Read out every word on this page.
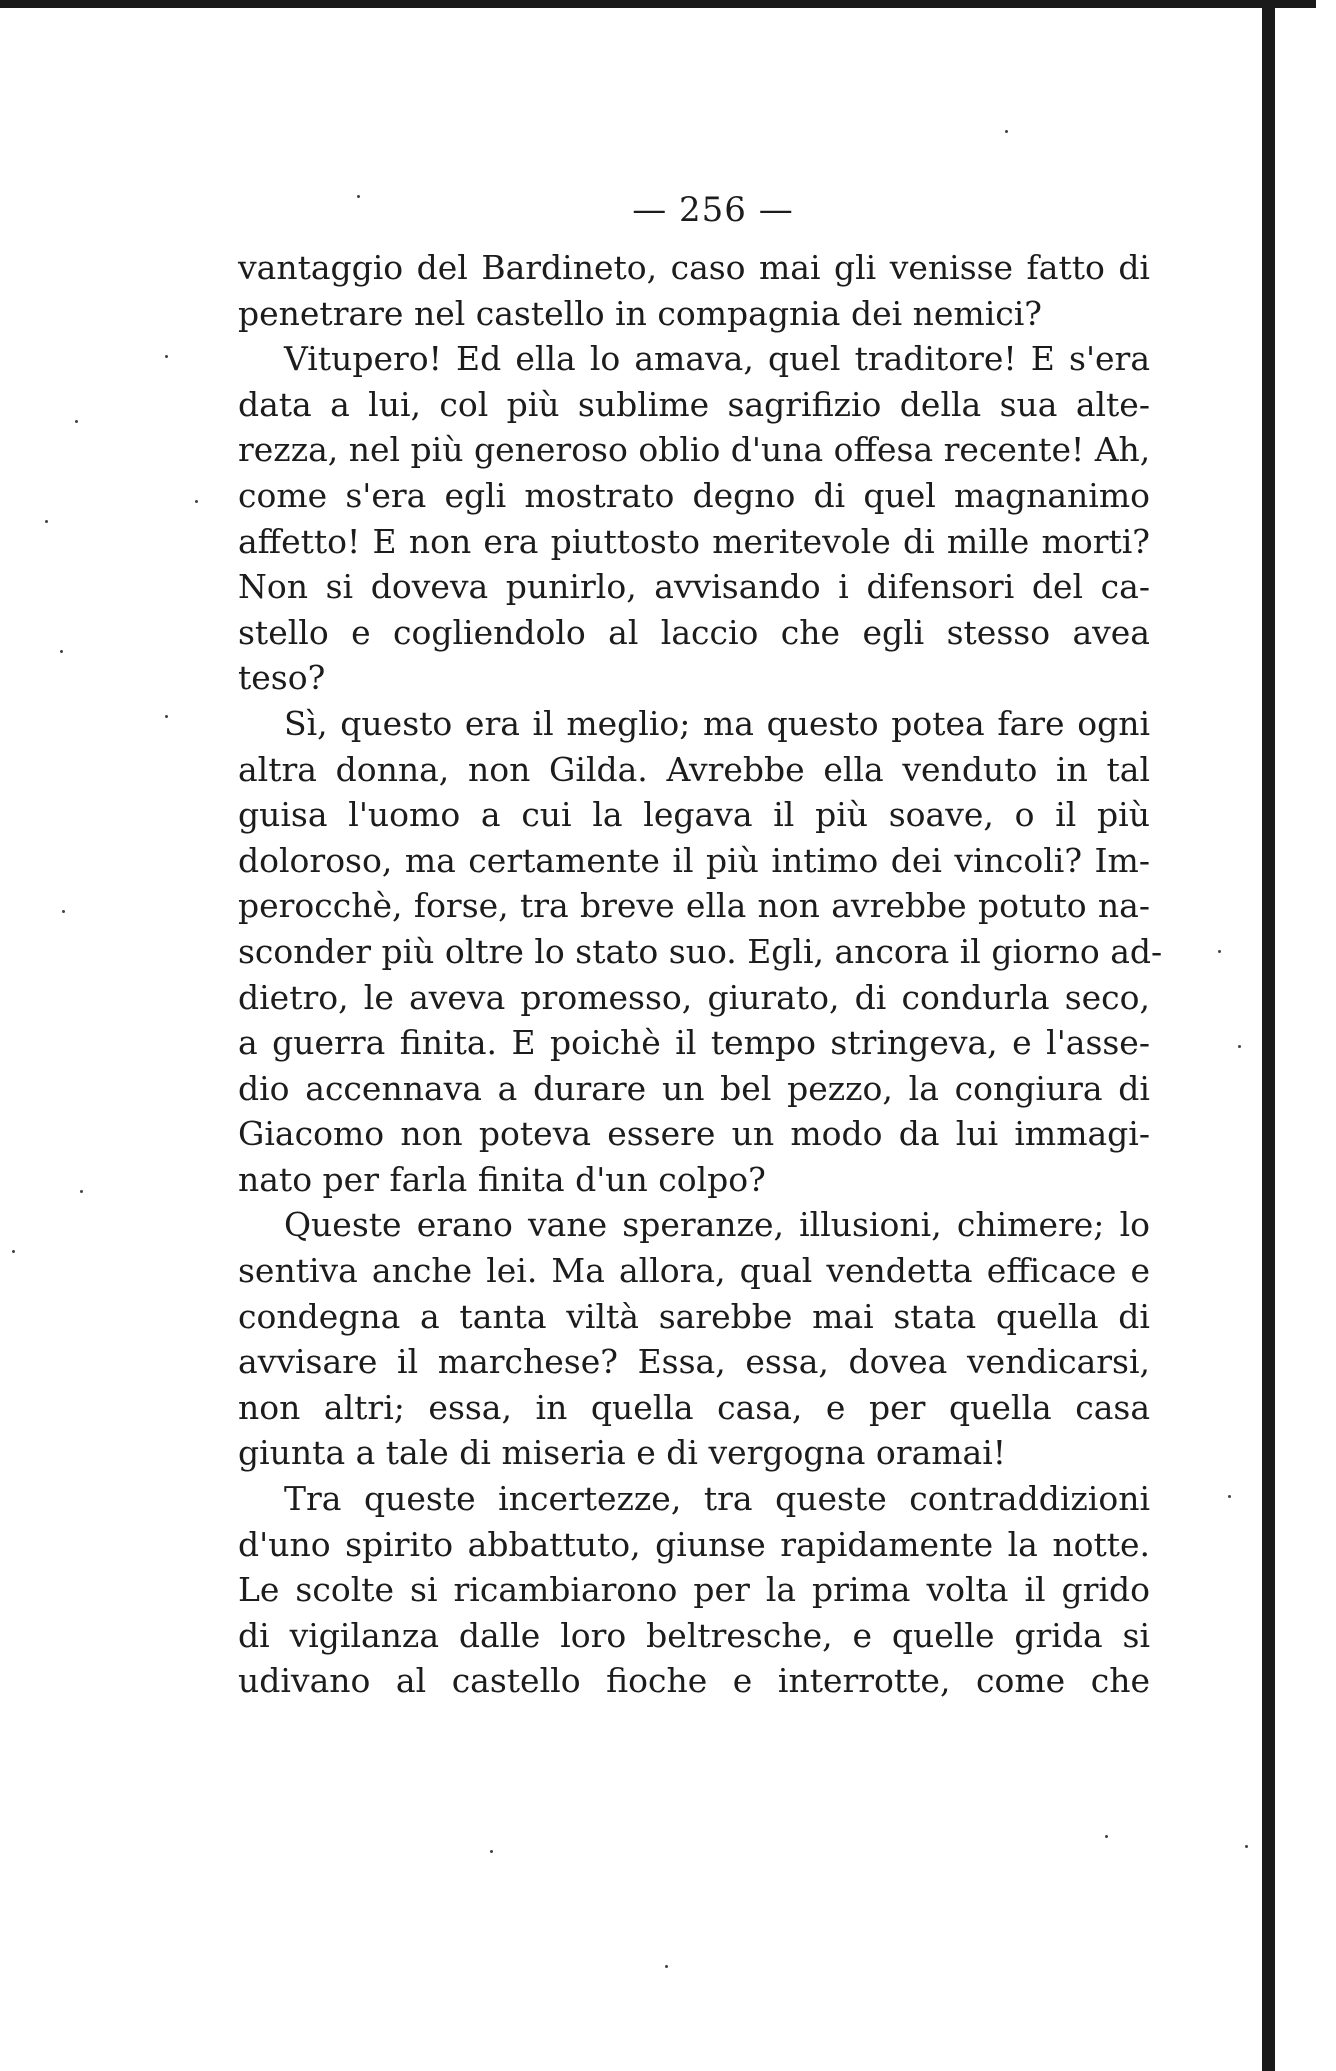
— 256 —
vantaggio del Bardineto, caso mai gli venisse fatto di
penetrare nel castello in compagnia dei nemici?
Vitupero! Ed ella lo amava, quel traditore! E s'era
data a lui, col più sublime sagrifizio della sua alte-
rezza, nel più generoso oblio d'una offesa recente! Ah,
come s'era egli mostrato degno di quel magnanimo
affetto! E non era piuttosto meritevole di mille morti?
Non si doveva punirlo, avvisando i difensori del ca-
stello e cogliendolo al laccio che egli stesso avea
teso?
Sì, questo era il meglio; ma questo potea fare ogni
altra donna, non Gilda. Avrebbe ella venduto in tal
guisa l'uomo a cui la legava il più soave, o il più
doloroso, ma certamente il più intimo dei vincoli? Im-
perocchè, forse, tra breve ella non avrebbe potuto na-
sconder più oltre lo stato suo. Egli, ancora il giorno ad-
dietro, le aveva promesso, giurato, di condurla seco,
a guerra finita. E poichè il tempo stringeva, e l'asse-
dio accennava a durare un bel pezzo, la congiura di
Giacomo non poteva essere un modo da lui immagi-
nato per farla finita d'un colpo?
Queste erano vane speranze, illusioni, chimere; lo
sentiva anche lei. Ma allora, qual vendetta efficace e
condegna a tanta viltà sarebbe mai stata quella di
avvisare il marchese? Essa, essa, dovea vendicarsi,
non altri; essa, in quella casa, e per quella casa
giunta a tale di miseria e di vergogna oramai!
Tra queste incertezze, tra queste contraddizioni
d'uno spirito abbattuto, giunse rapidamente la notte.
Le scolte si ricambiarono per la prima volta il grido
di vigilanza dalle loro beltresche, e quelle grida si
udivano al castello fioche e interrotte, come che
